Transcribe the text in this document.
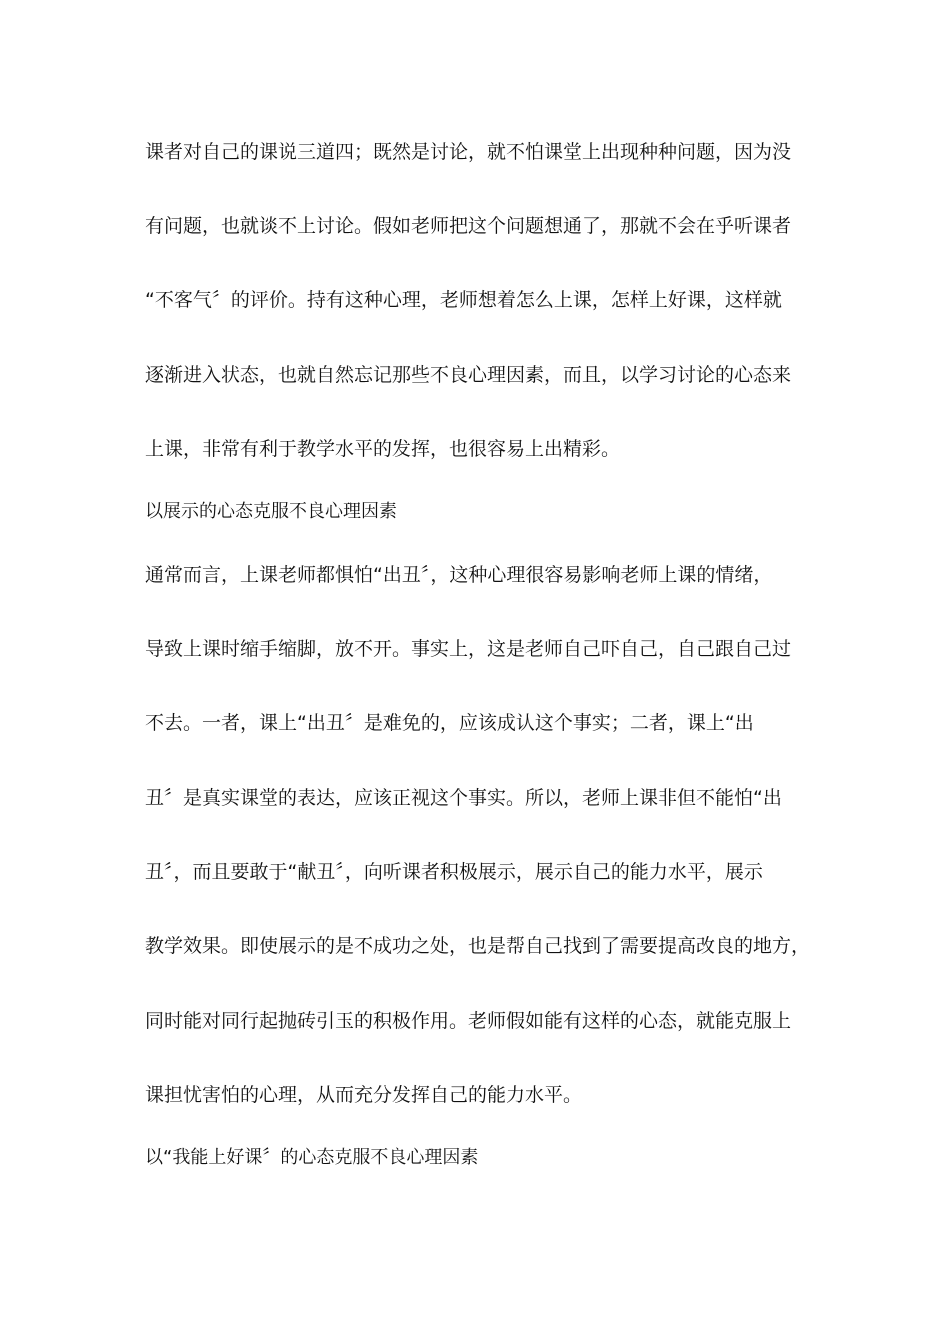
课者对自己的课说三道四；既然是讨论，就不怕课堂上出现种种问题，因为没
有问题，也就谈不上讨论。假如老师把这个问题想通了，那就不会在乎听课者
“不客气〞的评价。持有这种心理，老师想着怎么上课，怎样上好课，这样就
逐渐进入状态，也就自然忘记那些不良心理因素，而且，以学习讨论的心态来
上课，非常有利于教学水平的发挥，也很容易上出精彩。
以展示的心态克服不良心理因素
通常而言，上课老师都惧怕“出丑〞，这种心理很容易影响老师上课的情绪，
导致上课时缩手缩脚，放不开。事实上，这是老师自己吓自己，自己跟自己过
不去。一者，课上“出丑〞是难免的，应该成认这个事实；二者，课上“出
丑〞是真实课堂的表达，应该正视这个事实。所以，老师上课非但不能怕“出
丑〞，而且要敢于“献丑〞，向听课者积极展示，展示自己的能力水平，展示
教学效果。即使展示的是不成功之处，也是帮自己找到了需要提高改良的地方，
同时能对同行起抛砖引玉的积极作用。老师假如能有这样的心态，就能克服上
课担忧害怕的心理，从而充分发挥自己的能力水平。
以“我能上好课〞的心态克服不良心理因素
